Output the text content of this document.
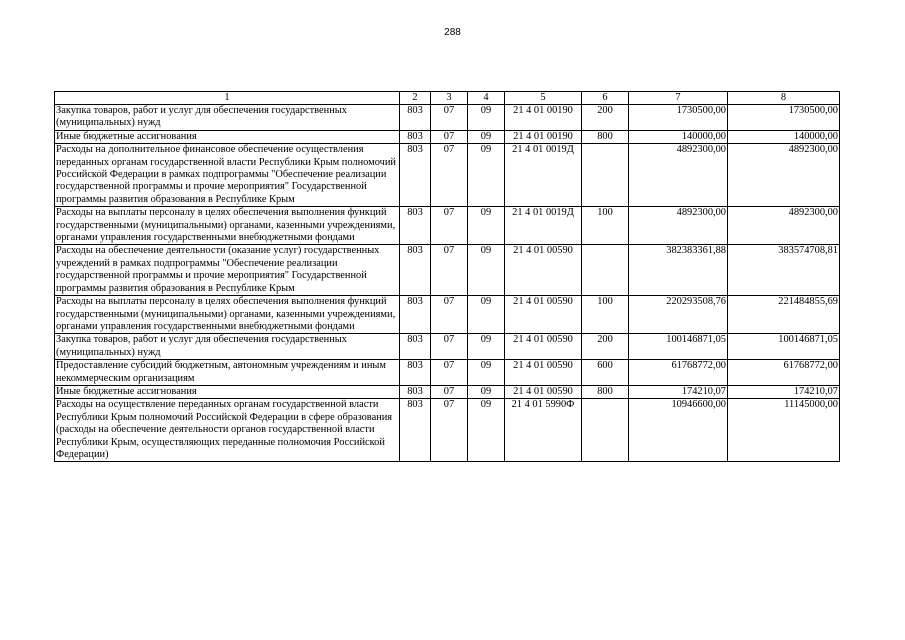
288
1	2	3	4	5	6	7	8
Закупка товаров, работ и услуг для обеспечения государственных (муниципальных) нужд	803	07	09	21 4 01 00190	200	1730500,00	1730500,00
Иные бюджетные ассигнования	803	07	09	21 4 01 00190	800	140000,00	140000,00
Расходы на дополнительное финансовое обеспечение осуществления переданных органам государственной власти Республики Крым полномочий Российской Федерации в рамках подпрограммы "Обеспечение реализации государственной программы и прочие мероприятия" Государственной программы развития образования в Республике Крым	803	07	09	21 4 01 0019Д		4892300,00	4892300,00
Расходы на выплаты персоналу в целях обеспечения выполнения функций государственными (муниципальными) органами, казенными учреждениями, органами управления государственными внебюджетными фондами	803	07	09	21 4 01 0019Д	100	4892300,00	4892300,00
Расходы на обеспечение деятельности (оказание услуг) государственных учреждений в рамках подпрограммы "Обеспечение реализации государственной программы и прочие мероприятия" Государственной программы развития образования в Республике Крым	803	07	09	21 4 01 00590		382383361,88	383574708,81
Расходы на выплаты персоналу в целях обеспечения выполнения функций государственными (муниципальными) органами, казенными учреждениями, органами управления государственными внебюджетными фондами	803	07	09	21 4 01 00590	100	220293508,76	221484855,69
Закупка товаров, работ и услуг для обеспечения государственных (муниципальных) нужд	803	07	09	21 4 01 00590	200	100146871,05	100146871,05
Предоставление субсидий бюджетным, автономным учреждениям и иным некоммерческим организациям	803	07	09	21 4 01 00590	600	61768772,00	61768772,00
Иные бюджетные ассигнования	803	07	09	21 4 01 00590	800	174210,07	174210,07
Расходы на осуществление переданных органам государственной власти Республики Крым полномочий Российской Федерации в сфере образования (расходы на обеспечение деятельности органов государственной власти Республики Крым, осуществляющих переданные полномочия Российской Федерации)	803	07	09	21 4 01 5990Ф		10946600,00	11145000,00
